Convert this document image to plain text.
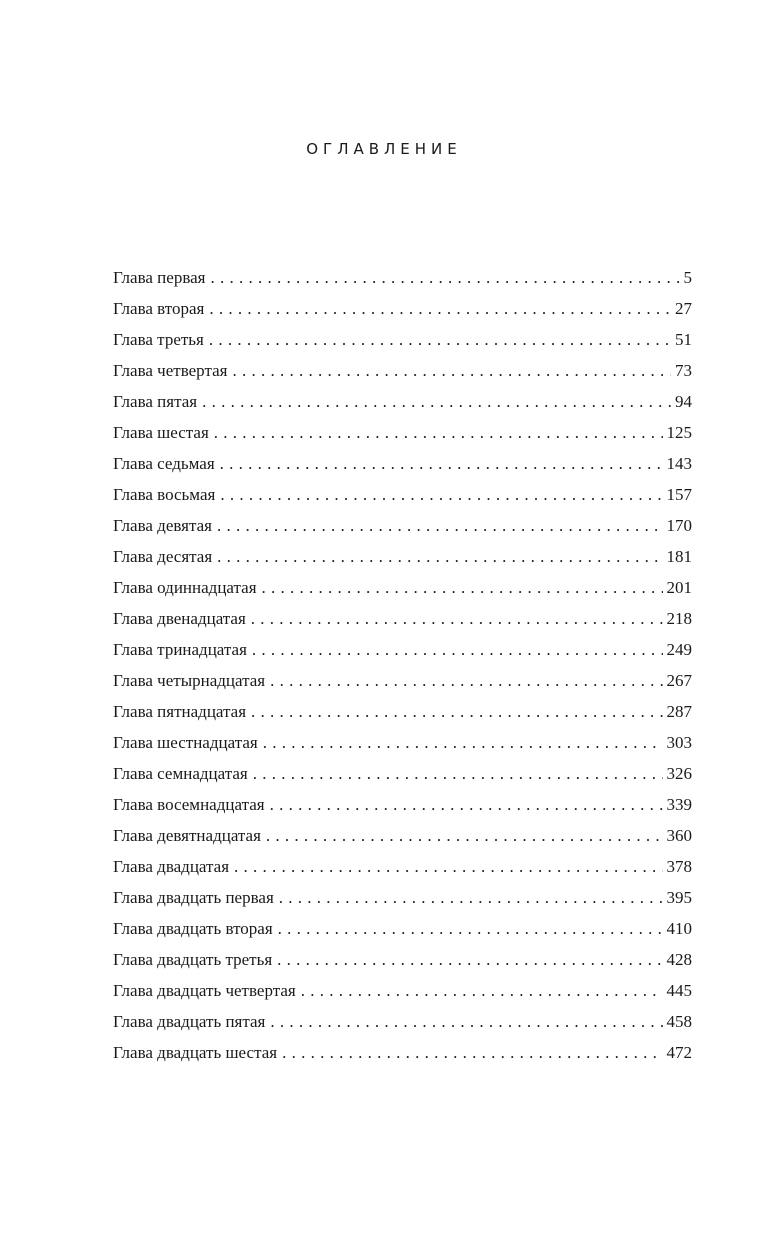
ОГЛАВЛЕНИЕ
Глава первая . . .	5
Глава вторая . . .	27
Глава третья . . .	51
Глава четвертая . . .	73
Глава пятая . . .	94
Глава шестая . . .	125
Глава седьмая . . .	143
Глава восьмая . . .	157
Глава девятая . . .	170
Глава десятая . . .	181
Глава одиннадцатая . . .	201
Глава двенадцатая . . .	218
Глава тринадцатая . . .	249
Глава четырнадцатая . . .	267
Глава пятнадцатая . . .	287
Глава шестнадцатая . . .	303
Глава семнадцатая . . .	326
Глава восемнадцатая . . .	339
Глава девятнадцатая . . .	360
Глава двадцатая . . .	378
Глава двадцать первая . . .	395
Глава двадцать вторая . . .	410
Глава двадцать третья . . .	428
Глава двадцать четвертая . . .	445
Глава двадцать пятая . . .	458
Глава двадцать шестая . . .	472
